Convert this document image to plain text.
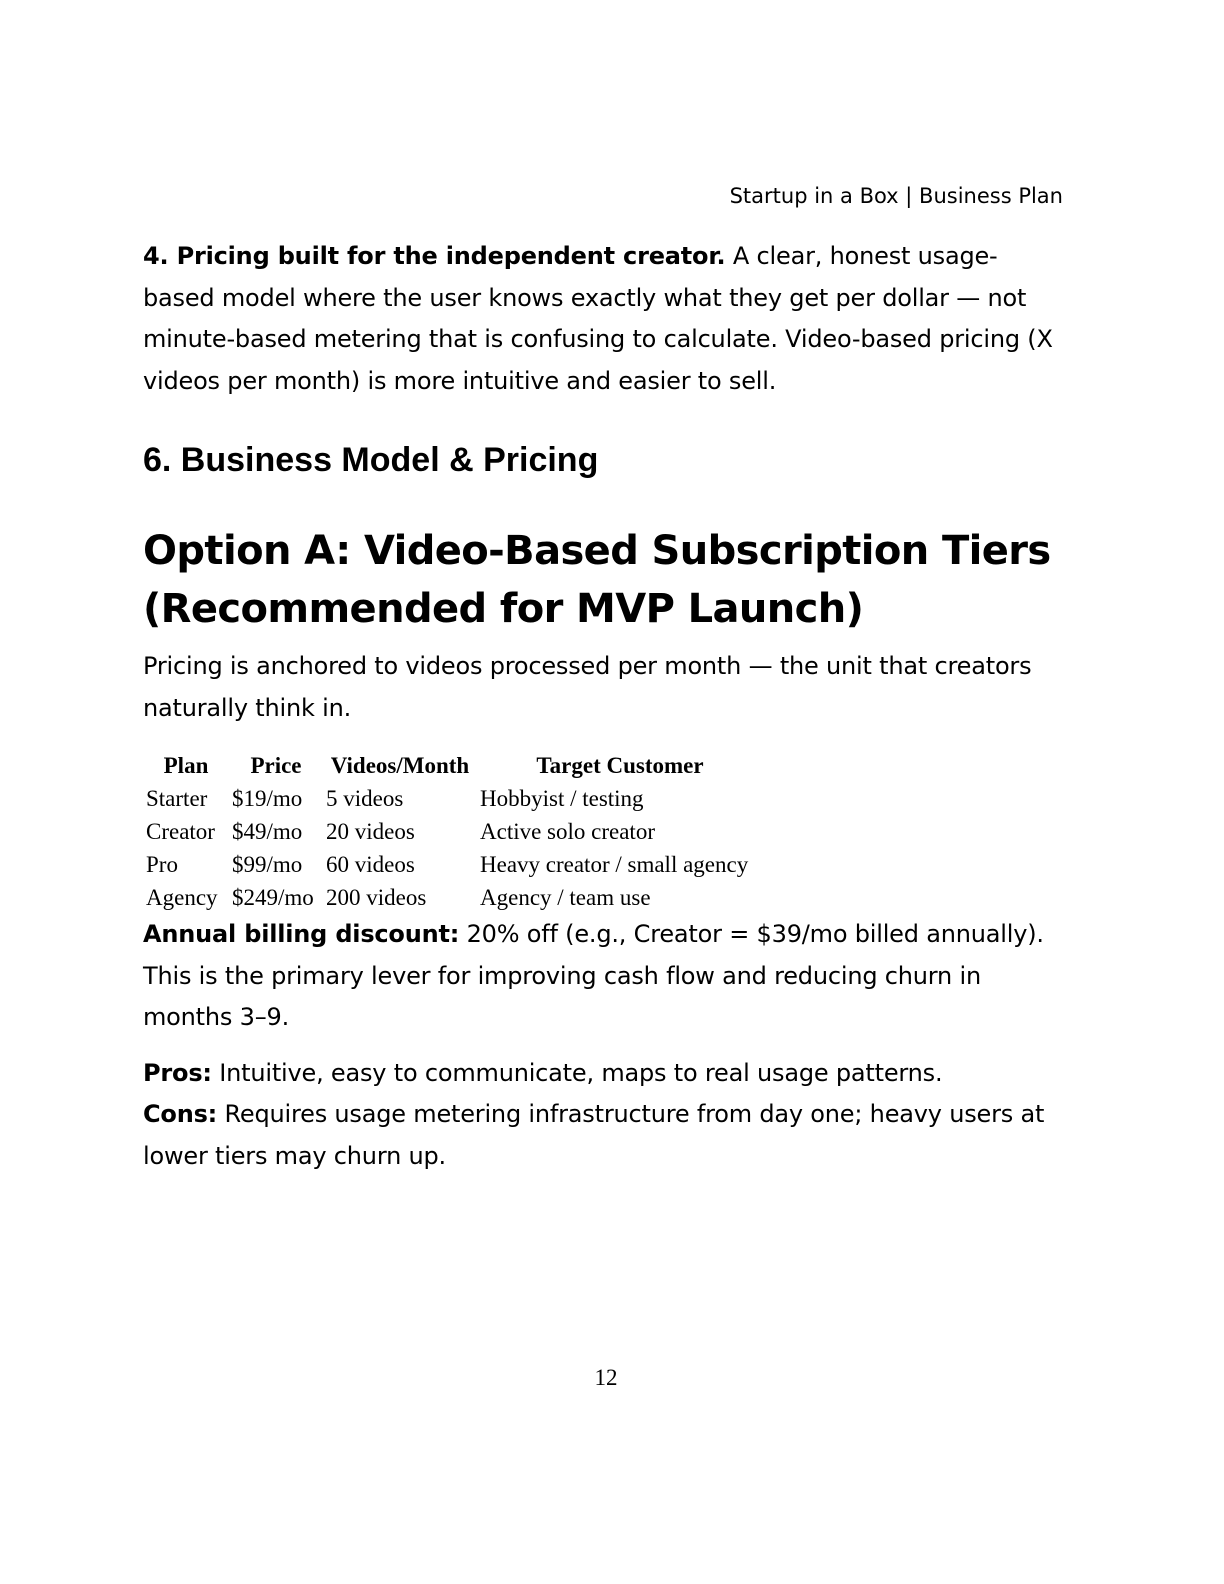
Startup in a Box | Business Plan

4. Pricing built for the independent creator. A clear, honest usage-based model where the user knows exactly what they get per dollar — not minute-based metering that is confusing to calculate. Video-based pricing (X videos per month) is more intuitive and easier to sell.

6. Business Model & Pricing
Option A: Video-Based Subscription Tiers (Recommended for MVP Launch)

Pricing is anchored to videos processed per month — the unit that creators naturally think in.

Plan	Price	Videos/Month	Target Customer
Starter	$19/mo	5 videos	Hobbyist / testing
Creator	$49/mo	20 videos	Active solo creator
Pro	$99/mo	60 videos	Heavy creator / small agency
Agency	$249/mo	200 videos	Agency / team use

Annual billing discount: 20% off (e.g., Creator = $39/mo billed annually). This is the primary lever for improving cash flow and reducing churn in months 3–9.

Pros: Intuitive, easy to communicate, maps to real usage patterns.

Cons: Requires usage metering infrastructure from day one; heavy users at lower tiers may churn up.

12
